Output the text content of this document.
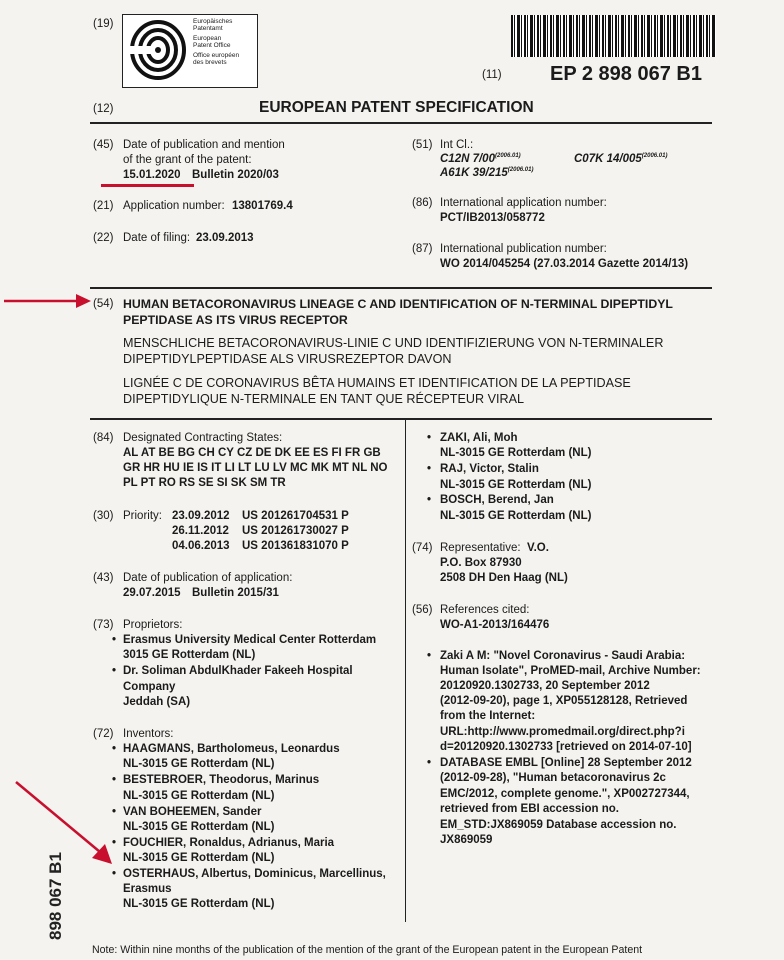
(19)	Europäisches
Patentamt
European
Patent Office
Office européen
des brevets
(11) EP 2 898 067 B1
(12)	EUROPEAN PATENT SPECIFICATION
(45) Date of publication and mention
of the grant of the patent:
15.01.2020 Bulletin 2020/03
(21) Application number: 13801769.4
(22) Date of filing: 23.09.2013
(51) Int Cl.:
C12N $7/00^{(2006.01)}$	C07K $14/005^{(2006.01)}$
A61K $39/215^{(2006.01)}$
(86) International application number:
PCT/IB2013/058772
(87) International publication number:
WO 2014/045254 (27.03.2014 Gazette 2014/13)
(54) HUMAN BETACORONAVIRUS LINEAGE C AND IDENTIFICATION OF N-TERMINAL DIPEPTIDYL
PEPTIDASE AS ITS VIRUS RECEPTOR
MENSCHLICHE BETACORONAVIRUS-LINIE C UND IDENTIFIZIERUNG VON N-TERMINALER
DIPEPTIDYLPEPTIDASE ALS VIRUSREZEPTOR DAVON
LIGNÉE C DE CORONAVIRUS BÊTA HUMAINS ET IDENTIFICATION DE LA PEPTIDASE
DIPEPTIDYLIQUE N-TERMINALE EN TANT QUE RÉCEPTEUR VIRAL
(84) Designated Contracting States:
AL AT BE BG CH CY CZ DE DK EE ES FI FR GB
GR HR HU IE IS IT LI LT LU LV MC MK MT NL NO
PL PT RO RS SE SI SK SM TR
(30) Priority: 23.09.2012 US 201261704531 P
26.11.2012 US 201261730027 P
04.06.2013 US 201361831070 P
(43) Date of publication of application:
29.07.2015 Bulletin 2015/31
(73) Proprietors:
• Erasmus University Medical Center Rotterdam
3015 GE Rotterdam (NL)
• Dr. Soliman AbdulKhader Fakeeh Hospital
Company
Jeddah (SA)
(72) Inventors:
• HAAGMANS, Bartholomeus, Leonardus
NL-3015 GE Rotterdam (NL)
• BESTEBROER, Theodorus, Marinus
NL-3015 GE Rotterdam (NL)
• VAN BOHEEMEN, Sander
NL-3015 GE Rotterdam (NL)
• FOUCHIER, Ronaldus, Adrianus, Maria
NL-3015 GE Rotterdam (NL)
• OSTERHAUS, Albertus, Dominicus, Marcellinus,
Erasmus
NL-3015 GE Rotterdam (NL)
• ZAKI, Ali, Moh
NL-3015 GE Rotterdam (NL)
• RAJ, Victor, Stalin
NL-3015 GE Rotterdam (NL)
• BOSCH, Berend, Jan
NL-3015 GE Rotterdam (NL)
(74) Representative: V.O.
P.O. Box 87930
2508 DH Den Haag (NL)
(56) References cited:
WO-A1-2013/164476
• Zaki A M: "Novel Coronavirus - Saudi Arabia:
Human Isolate", ProMED-mail, Archive Number:
20120920.1302733, 20 September 2012
(2012-09-20), page 1, XP055128128, Retrieved
from the Internet:
URL:http://www.promedmail.org/direct.php?i
d=20120920.1302733 [retrieved on 2014-07-10]
• DATABASE EMBL [Online] 28 September 2012
(2012-09-28), "Human betacoronavirus 2c
EMC/2012, complete genome.", XP002727344,
retrieved from EBI accession no.
EM_STD:JX869059 Database accession no.
JX869059
Note: Within nine months of the publication of the mention of the grant of the European patent in the European Patent
898 067 B1
